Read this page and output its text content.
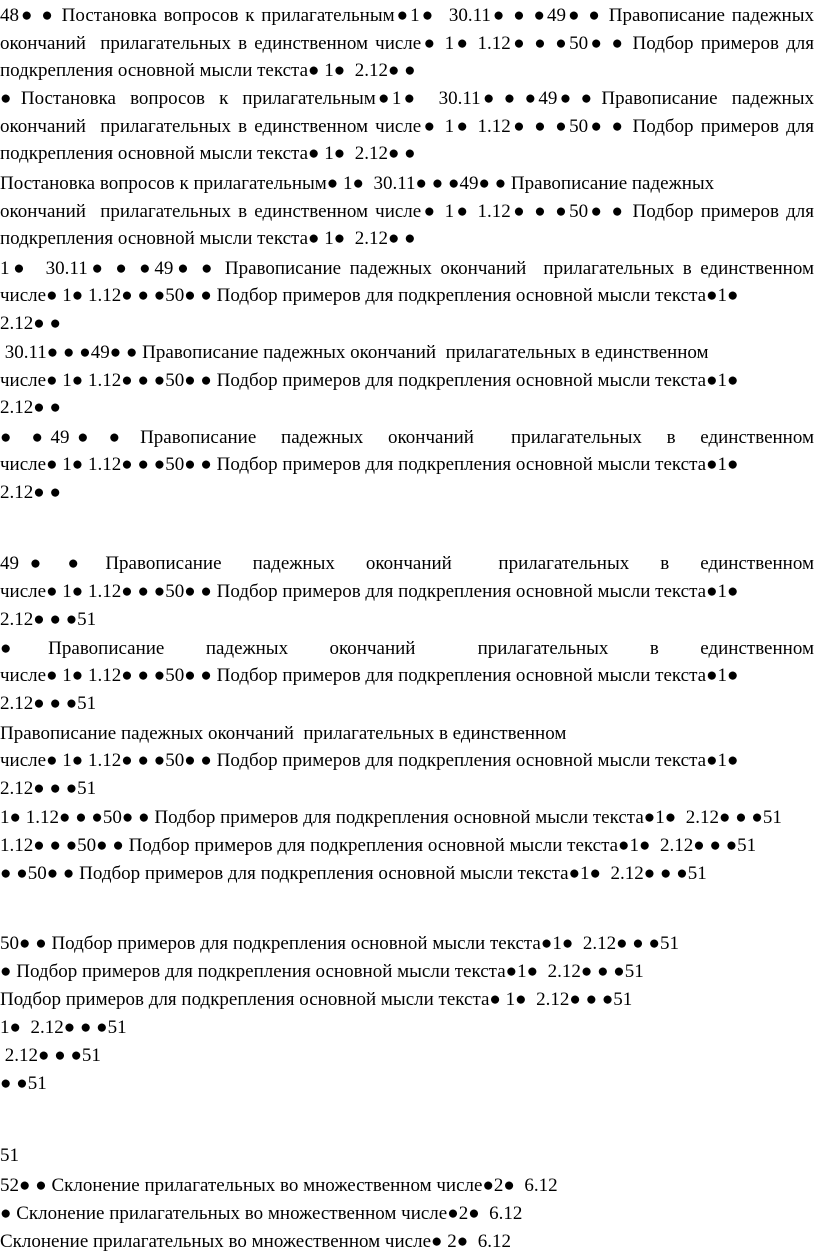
48● ● Постановка вопросов к прилагательным●1●  30.11● ● ●49● ● Правописание падежных
окончаний  прилагательных в единственном числе● 1● 1.12● ● ●50● ● Подбор примеров для
подкрепления основной мысли текста● 1●  2.12● ●
● Постановка  вопросов  к  прилагательным●1●   30.11● ● ●49● ● Правописание  падежных
окончаний  прилагательных в единственном числе● 1● 1.12● ● ●50● ● Подбор примеров для
подкрепления основной мысли текста● 1●  2.12● ●
Постановка вопросов к прилагательным● 1●  30.11● ● ●49● ● Правописание падежных
окончаний  прилагательных в единственном числе● 1● 1.12● ● ●50● ● Подбор примеров для
подкрепления основной мысли текста● 1●  2.12● ●
1●  30.11● ● ●49● ● Правописание падежных окончаний  прилагательных в единственном
числе● 1● 1.12● ● ●50● ● Подбор примеров для подкрепления основной мысли текста●1●
2.12● ●
30.11● ● ●49● ● Правописание падежных окончаний  прилагательных в единственном
числе● 1● 1.12● ● ●50● ● Подбор примеров для подкрепления основной мысли текста●1●
2.12● ●
● ●49● ● Правописание  падежных  окончаний   прилагательных  в  единственном
числе● 1● 1.12● ● ●50● ● Подбор примеров для подкрепления основной мысли текста●1●
2.12● ●
49● ● Правописание  падежных  окончаний   прилагательных  в  единственном
числе● 1● 1.12● ● ●50● ● Подбор примеров для подкрепления основной мысли текста●1●
2.12● ● ●51
● Правописание  падежных  окончаний   прилагательных  в  единственном
числе● 1● 1.12● ● ●50● ● Подбор примеров для подкрепления основной мысли текста●1●
2.12● ● ●51
Правописание падежных окончаний  прилагательных в единственном
числе● 1● 1.12● ● ●50● ● Подбор примеров для подкрепления основной мысли текста●1●
2.12● ● ●51
1● 1.12● ● ●50● ● Подбор примеров для подкрепления основной мысли текста●1●  2.12● ● ●51
1.12● ● ●50● ● Подбор примеров для подкрепления основной мысли текста●1●  2.12● ● ●51
● ●50● ● Подбор примеров для подкрепления основной мысли текста●1●  2.12● ● ●51
50● ● Подбор примеров для подкрепления основной мысли текста●1●  2.12● ● ●51
● Подбор примеров для подкрепления основной мысли текста●1●  2.12● ● ●51
Подбор примеров для подкрепления основной мысли текста● 1●  2.12● ● ●51
1●  2.12● ● ●51
2.12● ● ●51
● ●51
51
52● ● Склонение прилагательных во множественном числе●2●  6.12
● Склонение прилагательных во множественном числе●2●  6.12
Склонение прилагательных во множественном числе● 2●  6.12
